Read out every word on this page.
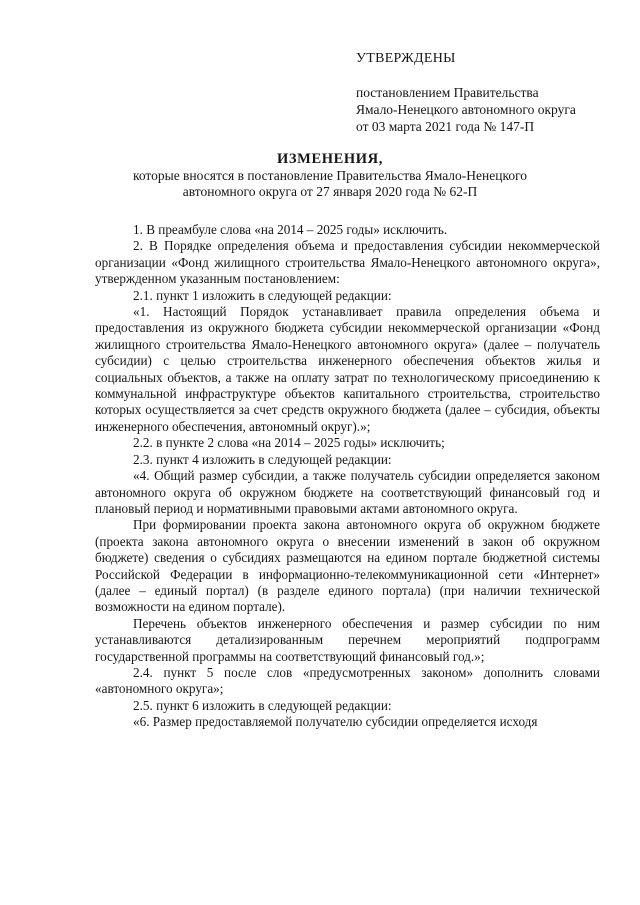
УТВЕРЖДЕНЫ
постановлением Правительства
Ямало-Ненецкого автономного округа
от 03 марта 2021 года № 147-П
ИЗМЕНЕНИЯ,
которые вносятся в постановление Правительства Ямало-Ненецкого
автономного округа от 27 января 2020 года № 62-П

1. В преамбуле слова «на 2014 – 2025 годы» исключить.

2. В Порядке определения объема и предоставления субсидии некоммерческой организации «Фонд жилищного строительства Ямало-Ненецкого автономного округа», утвержденном указанным постановлением:

2.1. пункт 1 изложить в следующей редакции:

«1. Настоящий Порядок устанавливает правила определения объема и предоставления из окружного бюджета субсидии некоммерческой организации «Фонд жилищного строительства Ямало-Ненецкого автономного округа» (далее – получатель субсидии) с целью строительства инженерного обеспечения объектов жилья и социальных объектов, а также на оплату затрат по технологическому присоединению к коммунальной инфраструктуре объектов капитального строительства, строительство которых осуществляется за счет средств окружного бюджета (далее – субсидия, объекты инженерного обеспечения, автономный округ).»;

2.2. в пункте 2 слова «на 2014 – 2025 годы» исключить;

2.3. пункт 4 изложить в следующей редакции:

«4. Общий размер субсидии, а также получатель субсидии определяется законом автономного округа об окружном бюджете на соответствующий финансовый год и плановый период и нормативными правовыми актами автономного округа.

При формировании проекта закона автономного округа об окружном бюджете (проекта закона автономного округа о внесении изменений в закон об окружном бюджете) сведения о субсидиях размещаются на едином портале бюджетной системы Российской Федерации в информационно-телекоммуникационной сети «Интернет» (далее – единый портал) (в разделе единого портала) (при наличии технической возможности на едином портале).

Перечень объектов инженерного обеспечения и размер субсидии по ним устанавливаются детализированным перечнем мероприятий подпрограмм государственной программы на соответствующий финансовый год.»;

2.4. пункт 5 после слов «предусмотренных законом» дополнить словами «автономного округа»;

2.5. пункт 6 изложить в следующей редакции:

«6. Размер предоставляемой получателю субсидии определяется исходя
